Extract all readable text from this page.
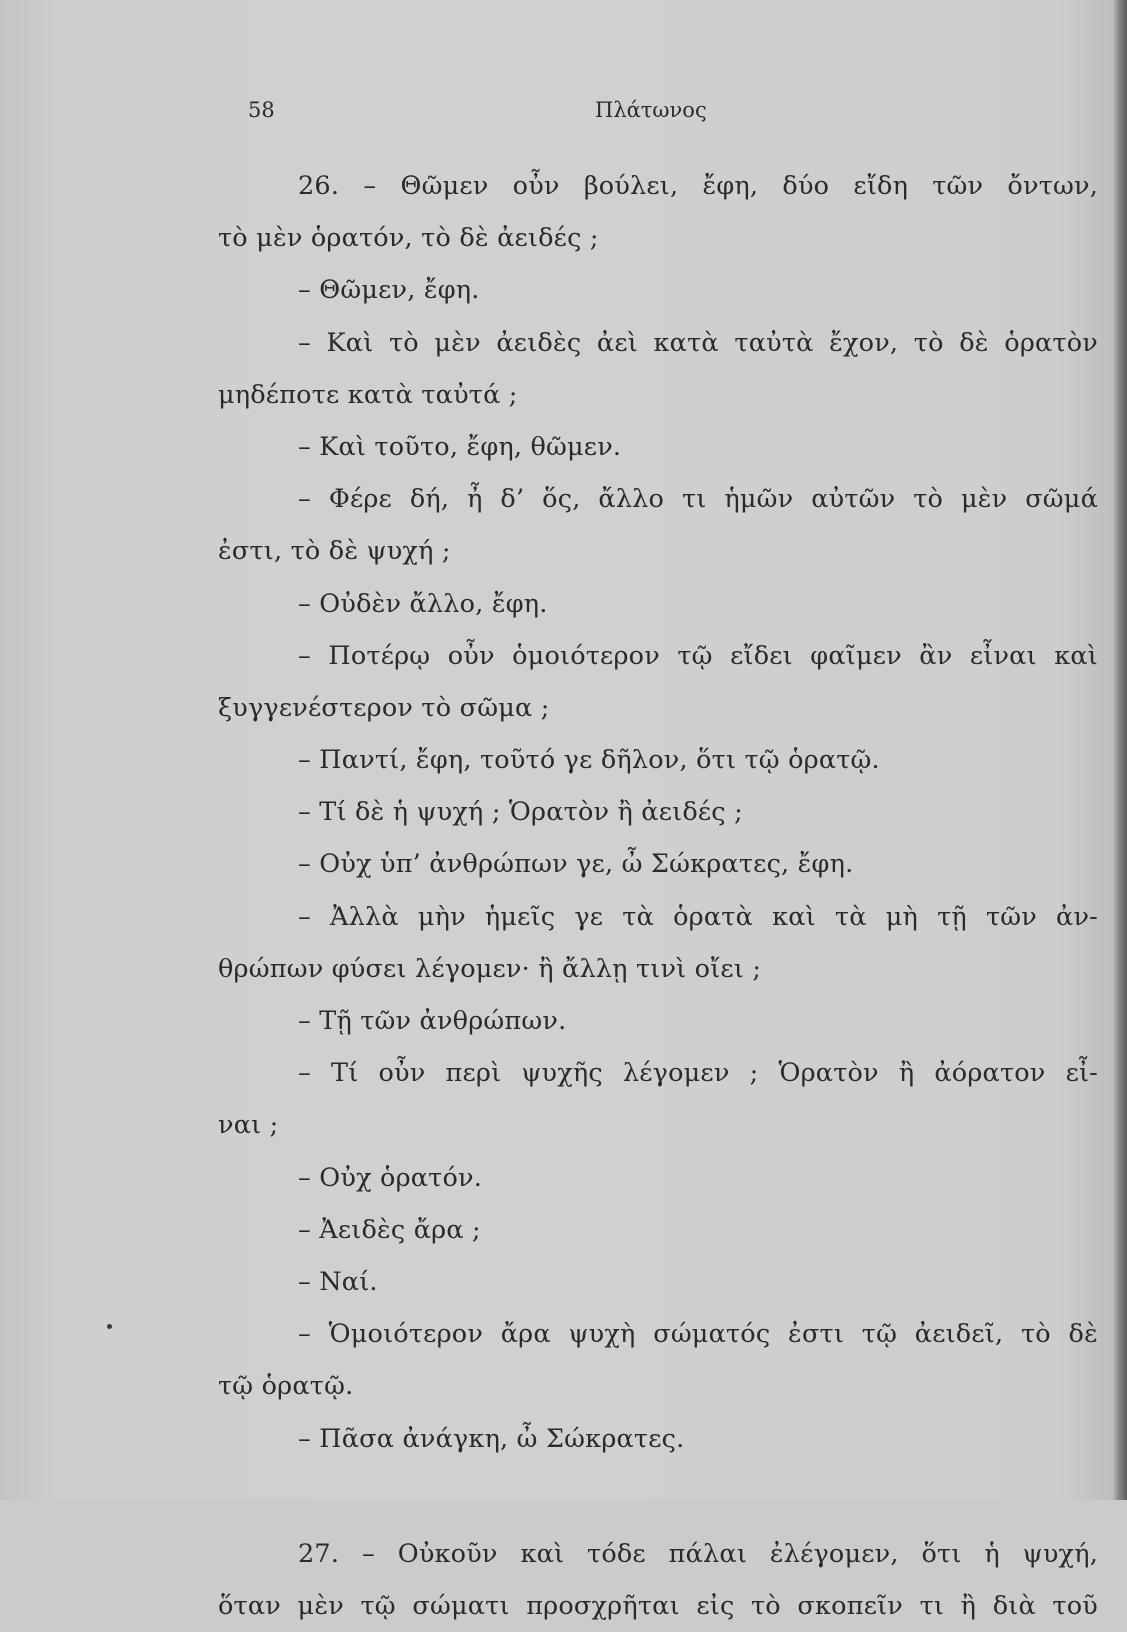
58	Πλάτωνος
26. – Θῶμεν οὖν βούλει, ἔφη, δύο εἴδη τῶν ὄντων,
τὸ μὲν ὁρατόν, τὸ δὲ ἀειδές ;
– Θῶμεν, ἔφη.
– Καὶ τὸ μὲν ἀειδὲς ἀεὶ κατὰ ταὐτὰ ἔχον, τὸ δὲ ὁρατὸν
μηδέποτε κατὰ ταὐτά ;
– Καὶ τοῦτο, ἔφη, θῶμεν.
– Φέρε δή, ἦ δ’ ὅς, ἄλλο τι ἡμῶν αὐτῶν τὸ μὲν σῶμά
ἐστι, τὸ δὲ ψυχή ;
– Οὐδὲν ἄλλο, ἔφη.
– Ποτέρῳ οὖν ὁμοιότερον τῷ εἴδει φαῖμεν ἂν εἶναι καὶ
ξυγγενέστερον τὸ σῶμα ;
– Παντί, ἔφη, τοῦτό γε δῆλον, ὅτι τῷ ὁρατῷ.
– Τί δὲ ἡ ψυχή ; Ὁρατὸν ἢ ἀειδές ;
– Οὐχ ὑπ’ ἀνθρώπων γε, ὦ Σώκρατες, ἔφη.
– Ἀλλὰ μὴν ἡμεῖς γε τὰ ὁρατὰ καὶ τὰ μὴ τῇ τῶν ἀν-
θρώπων φύσει λέγομεν· ἢ ἄλλῃ τινὶ οἴει ;
– Τῇ τῶν ἀνθρώπων.
– Τί οὖν περὶ ψυχῆς λέγομεν ; Ὁρατὸν ἢ ἀόρατον εἶ-
ναι ;
– Οὐχ ὁρατόν.
– Ἀειδὲς ἄρα ;
– Ναί.
– Ὁμοιότερον ἄρα ψυχὴ σώματός ἐστι τῷ ἀειδεῖ, τὸ δὲ
τῷ ὁρατῷ.
– Πᾶσα ἀνάγκη, ὦ Σώκρατες.
27. – Οὐκοῦν καὶ τόδε πάλαι ἐλέγομεν, ὅτι ἡ ψυχή,
ὅταν μὲν τῷ σώματι προσχρῆται εἰς τὸ σκοπεῖν τι ἢ διὰ τοῦ
